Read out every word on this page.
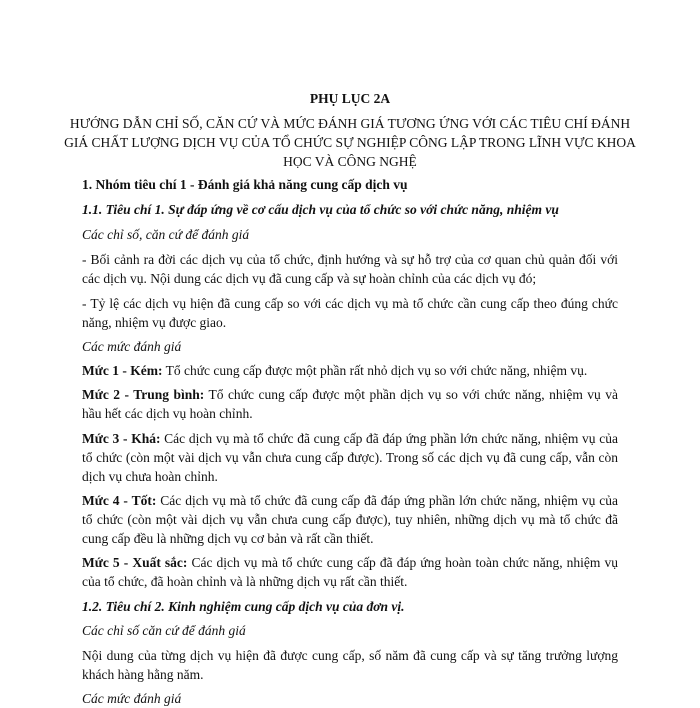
PHỤ LỤC 2A
HƯỚNG DẪN CHỈ SỐ, CĂN CỨ VÀ MỨC ĐÁNH GIÁ TƯƠNG ỨNG VỚI CÁC TIÊU CHÍ ĐÁNH GIÁ CHẤT LƯỢNG DỊCH VỤ CỦA TỔ CHỨC SỰ NGHIỆP CÔNG LẬP TRONG LĨNH VỰC KHOA HỌC VÀ CÔNG NGHỆ

1. Nhóm tiêu chí 1 - Đánh giá khả năng cung cấp dịch vụ

1.1. Tiêu chí 1. Sự đáp ứng về cơ cấu dịch vụ của tổ chức so với chức năng, nhiệm vụ

Các chỉ số, căn cứ để đánh giá

- Bối cảnh ra đời các dịch vụ của tổ chức, định hướng và sự hỗ trợ của cơ quan chủ quản đối với các dịch vụ. Nội dung các dịch vụ đã cung cấp và sự hoàn chỉnh của các dịch vụ đó;

- Tỷ lệ các dịch vụ hiện đã cung cấp so với các dịch vụ mà tổ chức cần cung cấp theo đúng chức năng, nhiệm vụ được giao.

Các mức đánh giá

Mức 1 - Kém: Tổ chức cung cấp được một phần rất nhỏ dịch vụ so với chức năng, nhiệm vụ.

Mức 2 - Trung bình: Tổ chức cung cấp được một phần dịch vụ so với chức năng, nhiệm vụ và hầu hết các dịch vụ hoàn chỉnh.

Mức 3 - Khá: Các dịch vụ mà tổ chức đã cung cấp đã đáp ứng phần lớn chức năng, nhiệm vụ của tổ chức (còn một vài dịch vụ vẫn chưa cung cấp được). Trong số các dịch vụ đã cung cấp, vẫn còn dịch vụ chưa hoàn chỉnh.

Mức 4 - Tốt: Các dịch vụ mà tổ chức đã cung cấp đã đáp ứng phần lớn chức năng, nhiệm vụ của tổ chức (còn một vài dịch vụ vẫn chưa cung cấp được), tuy nhiên, những dịch vụ mà tổ chức đã cung cấp đều là những dịch vụ cơ bản và rất cần thiết.

Mức 5 - Xuất sắc: Các dịch vụ mà tổ chức cung cấp đã đáp ứng hoàn toàn chức năng, nhiệm vụ của tổ chức, đã hoàn chỉnh và là những dịch vụ rất cần thiết.

1.2. Tiêu chí 2. Kinh nghiệm cung cấp dịch vụ của đơn vị.

Các chỉ số căn cứ để đánh giá

Nội dung của từng dịch vụ hiện đã được cung cấp, số năm đã cung cấp và sự tăng trưởng lượng khách hàng hằng năm.

Các mức đánh giá
